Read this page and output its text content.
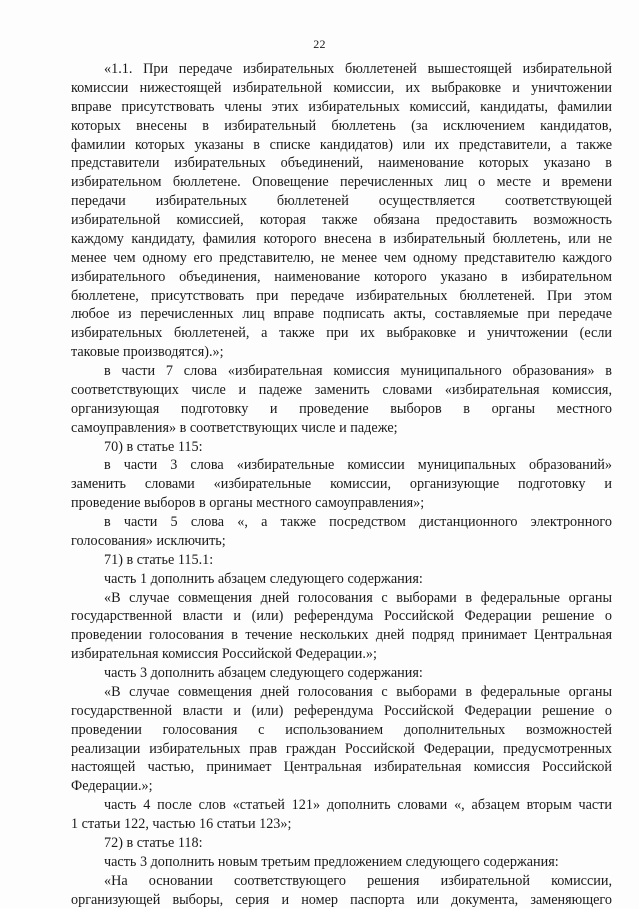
22
«1.1. При передаче избирательных бюллетеней вышестоящей избирательной
комиссии нижестоящей избирательной комиссии, их выбраковке и уничтожении
вправе присутствовать члены этих избирательных комиссий, кандидаты, фамилии
которых внесены в избирательный бюллетень (за исключением кандидатов,
фамилии которых указаны в списке кандидатов) или их представители, а также
представители избирательных объединений, наименование которых указано в
избирательном бюллетене. Оповещение перечисленных лиц о месте и времени
передачи избирательных бюллетеней осуществляется соответствующей
избирательной комиссией, которая также обязана предоставить возможность
каждому кандидату, фамилия которого внесена в избирательный бюллетень, или не
менее чем одному его представителю, не менее чем одному представителю каждого
избирательного объединения, наименование которого указано в избирательном
бюллетене, присутствовать при передаче избирательных бюллетеней. При этом
любое из перечисленных лиц вправе подписать акты, составляемые при передаче
избирательных бюллетеней, а также при их выбраковке и уничтожении (если
таковые производятся).»;
в части 7 слова «избирательная комиссия муниципального образования» в
соответствующих числе и падеже заменить словами «избирательная комиссия,
организующая подготовку и проведение выборов в органы местного
самоуправления» в соответствующих числе и падеже;
70) в статье 115:
в части 3 слова «избирательные комиссии муниципальных образований»
заменить словами «избирательные комиссии, организующие подготовку и
проведение выборов в органы местного самоуправления»;
в части 5 слова «, а также посредством дистанционного электронного
голосования» исключить;
71) в статье 115.1:
часть 1 дополнить абзацем следующего содержания:
«В случае совмещения дней голосования с выборами в федеральные органы
государственной власти и (или) референдума Российской Федерации решение о
проведении голосования в течение нескольких дней подряд принимает Центральная
избирательная комиссия Российской Федерации.»;
часть 3 дополнить абзацем следующего содержания:
«В случае совмещения дней голосования с выборами в федеральные органы
государственной власти и (или) референдума Российской Федерации решение о
проведении голосования с использованием дополнительных возможностей
реализации избирательных прав граждан Российской Федерации, предусмотренных
настоящей частью, принимает Центральная избирательная комиссия Российской
Федерации.»;
часть 4 после слов «статьей 121» дополнить словами «, абзацем вторым части
1 статьи 122, частью 16 статьи 123»;
72) в статье 118:
часть 3 дополнить новым третьим предложением следующего содержания:
«На основании соответствующего решения избирательной комиссии,
организующей выборы, серия и номер паспорта или документа, заменяющего
